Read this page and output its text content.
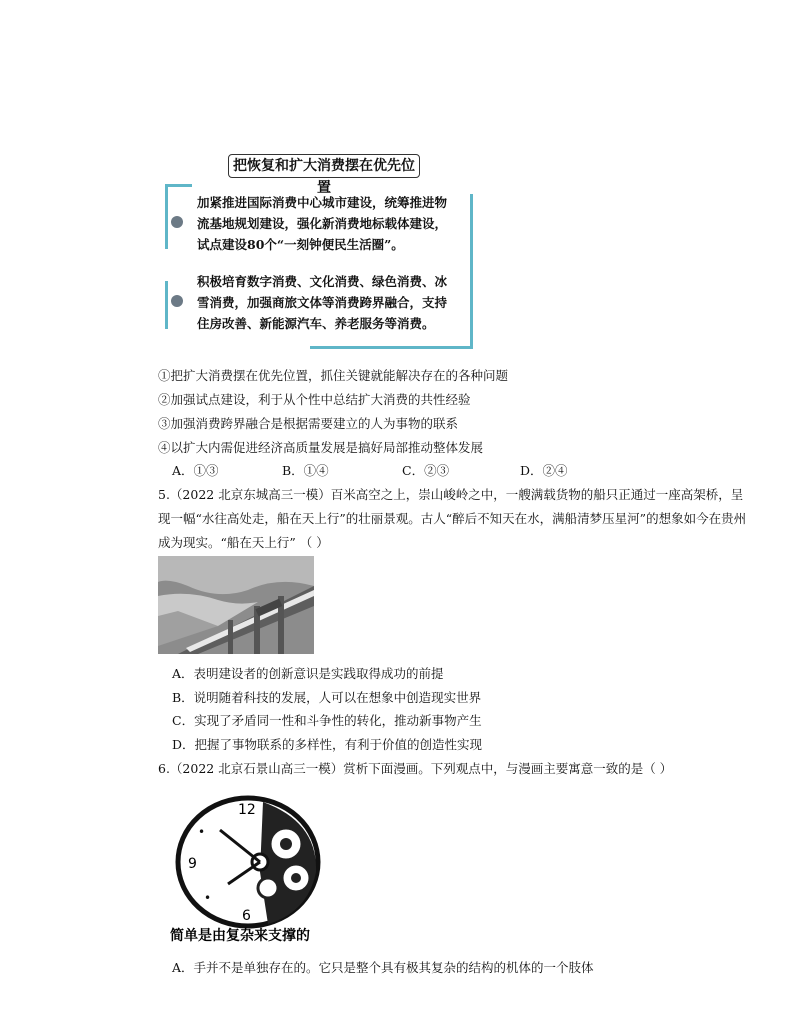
把恢复和扩大消费摆在优先位置

加紧推进国际消费中心城市建设，统筹推进物流基地规划建设，强化新消费地标载体建设，试点建设80个“一刻钟便民生活圈”。

积极培育数字消费、文化消费、绿色消费、冰雪消费，加强商旅文体等消费跨界融合，支持住房改善、新能源汽车、养老服务等消费。

①把扩大消费摆在优先位置，抓住关键就能解决存在的各种问题
②加强试点建设，利于从个性中总结扩大消费的共性经验
③加强消费跨界融合是根据需要建立的人为事物的联系
④以扩大内需促进经济高质量发展是搞好局部推动整体发展
A．①③	B．①④	C．②③	D．②④
5.（2022 北京东城高三一模）百米高空之上，崇山峻岭之中，一艘满载货物的船只正通过一座高架桥，呈
现一幅“水往高处走，船在天上行”的壮丽景观。古人“醉后不知天在水，满船清梦压星河”的想象如今在贵州
成为现实。“船在天上行” （ ）
A．表明建设者的创新意识是实践取得成功的前提
B．说明随着科技的发展，人可以在想象中创造现实世界
C．实现了矛盾同一性和斗争性的转化，推动新事物产生
D．把握了事物联系的多样性，有利于价值的创造性实现
6.（2022 北京石景山高三一模）赏析下面漫画。下列观点中，与漫画主要寓意一致的是（ ）
12
9
6
•
•
简单是由复杂来支撑的
A．手并不是单独存在的。它只是整个具有极其复杂的结构的机体的一个肢体
